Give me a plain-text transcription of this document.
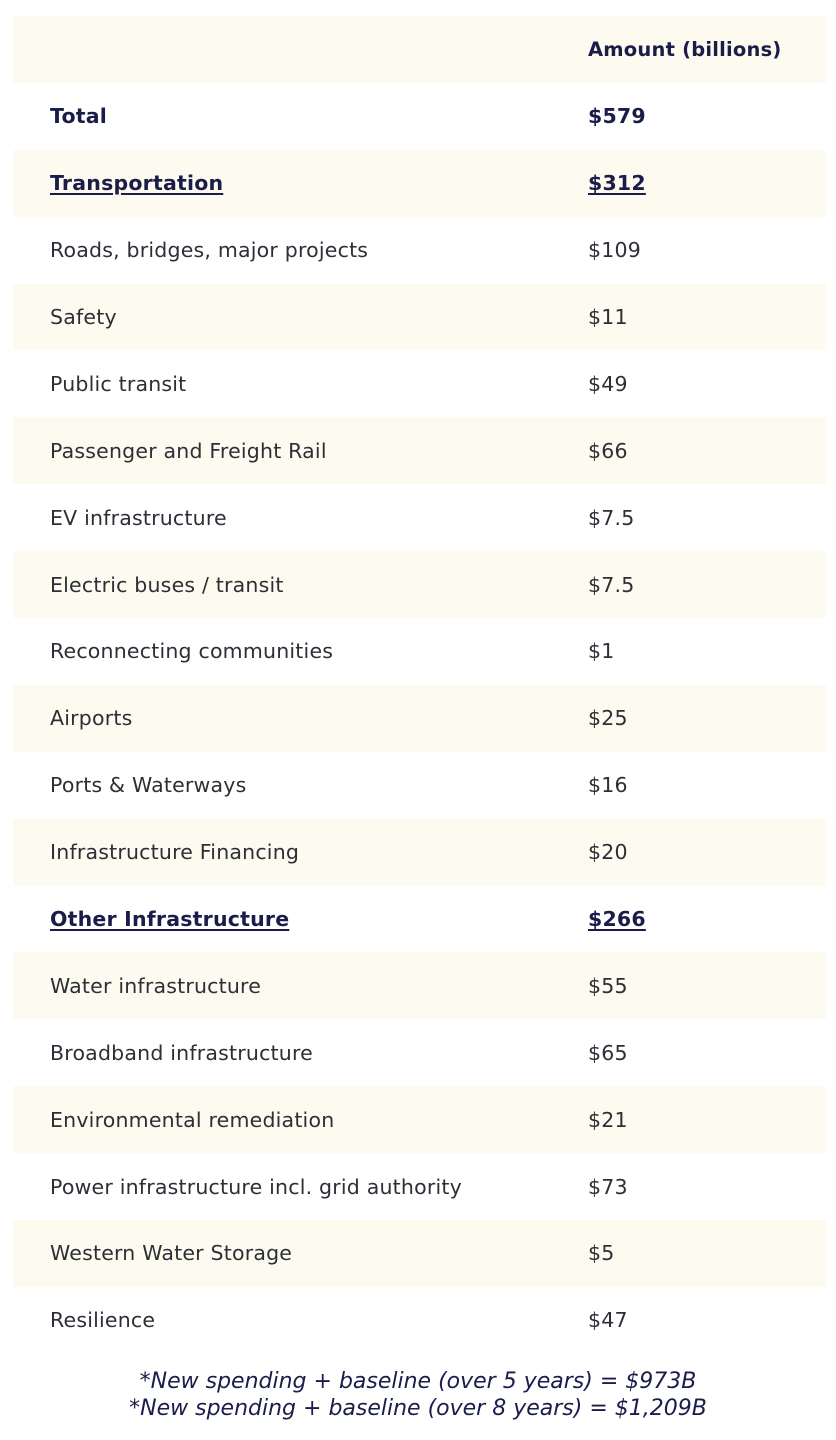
Amount (billions)
Total	$579
Transportation	$312
Roads, bridges, major projects	$109
Safety	$11
Public transit	$49
Passenger and Freight Rail	$66
EV infrastructure	$7.5
Electric buses / transit	$7.5
Reconnecting communities	$1
Airports	$25
Ports & Waterways	$16
Infrastructure Financing	$20
Other Infrastructure	$266
Water infrastructure	$55
Broadband infrastructure	$65
Environmental remediation	$21
Power infrastructure incl. grid authority	$73
Western Water Storage	$5
Resilience	$47
*New spending + baseline (over 5 years) = $973B
*New spending + baseline (over 8 years) = $1,209B
